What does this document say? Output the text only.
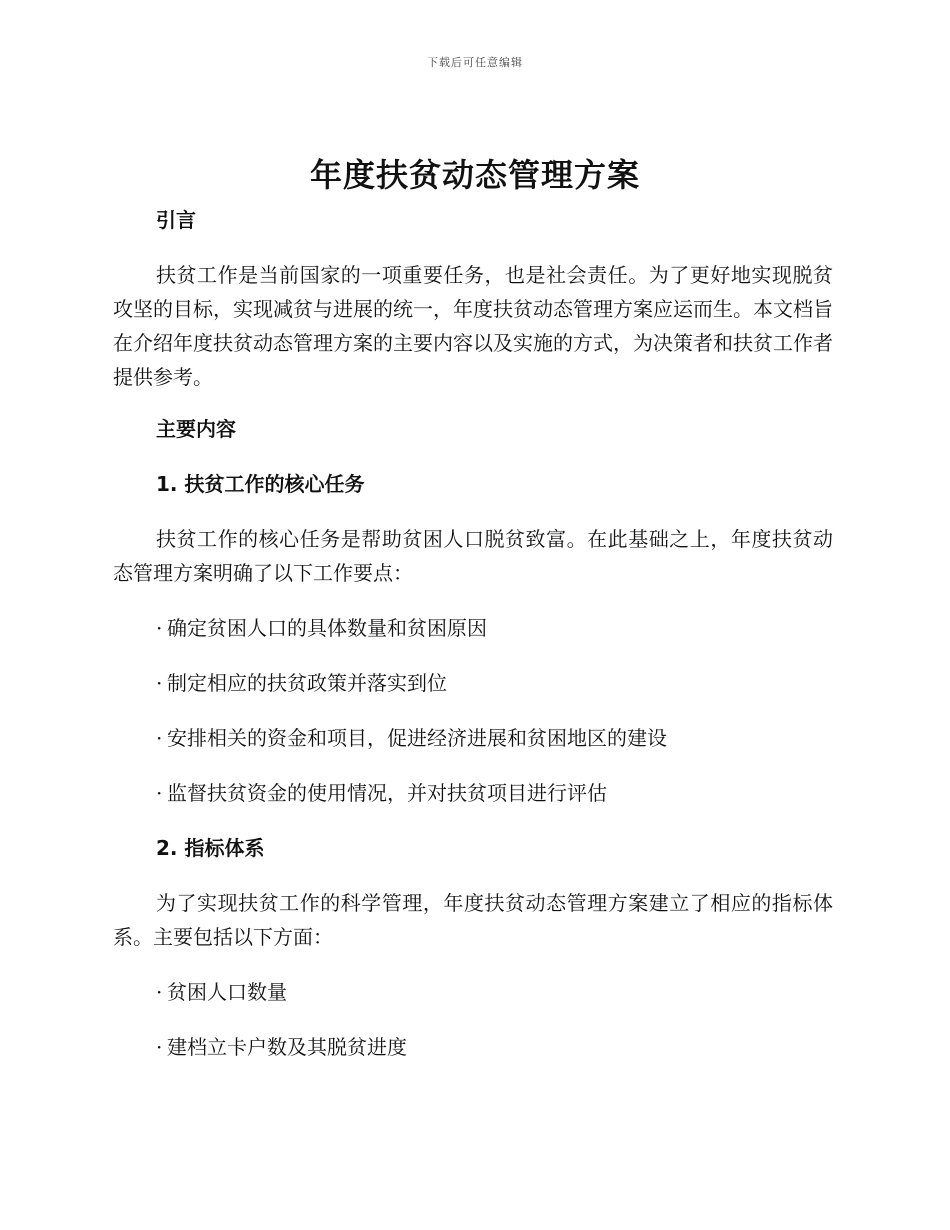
下载后可任意编辑
年度扶贫动态管理方案
引言

扶贫工作是当前国家的一项重要任务，也是社会责任。为了更好地实现脱贫攻坚的目标，实现减贫与进展的统一，年度扶贫动态管理方案应运而生。本文档旨在介绍年度扶贫动态管理方案的主要内容以及实施的方式，为决策者和扶贫工作者提供参考。

主要内容
1. 扶贫工作的核心任务

扶贫工作的核心任务是帮助贫困人口脱贫致富。在此基础之上，年度扶贫动态管理方案明确了以下工作要点：

· 确定贫困人口的具体数量和贫困原因
· 制定相应的扶贫政策并落实到位
· 安排相关的资金和项目，促进经济进展和贫困地区的建设
· 监督扶贫资金的使用情况，并对扶贫项目进行评估
2. 指标体系

为了实现扶贫工作的科学管理，年度扶贫动态管理方案建立了相应的指标体系。主要包括以下方面：

· 贫困人口数量
· 建档立卡户数及其脱贫进度
